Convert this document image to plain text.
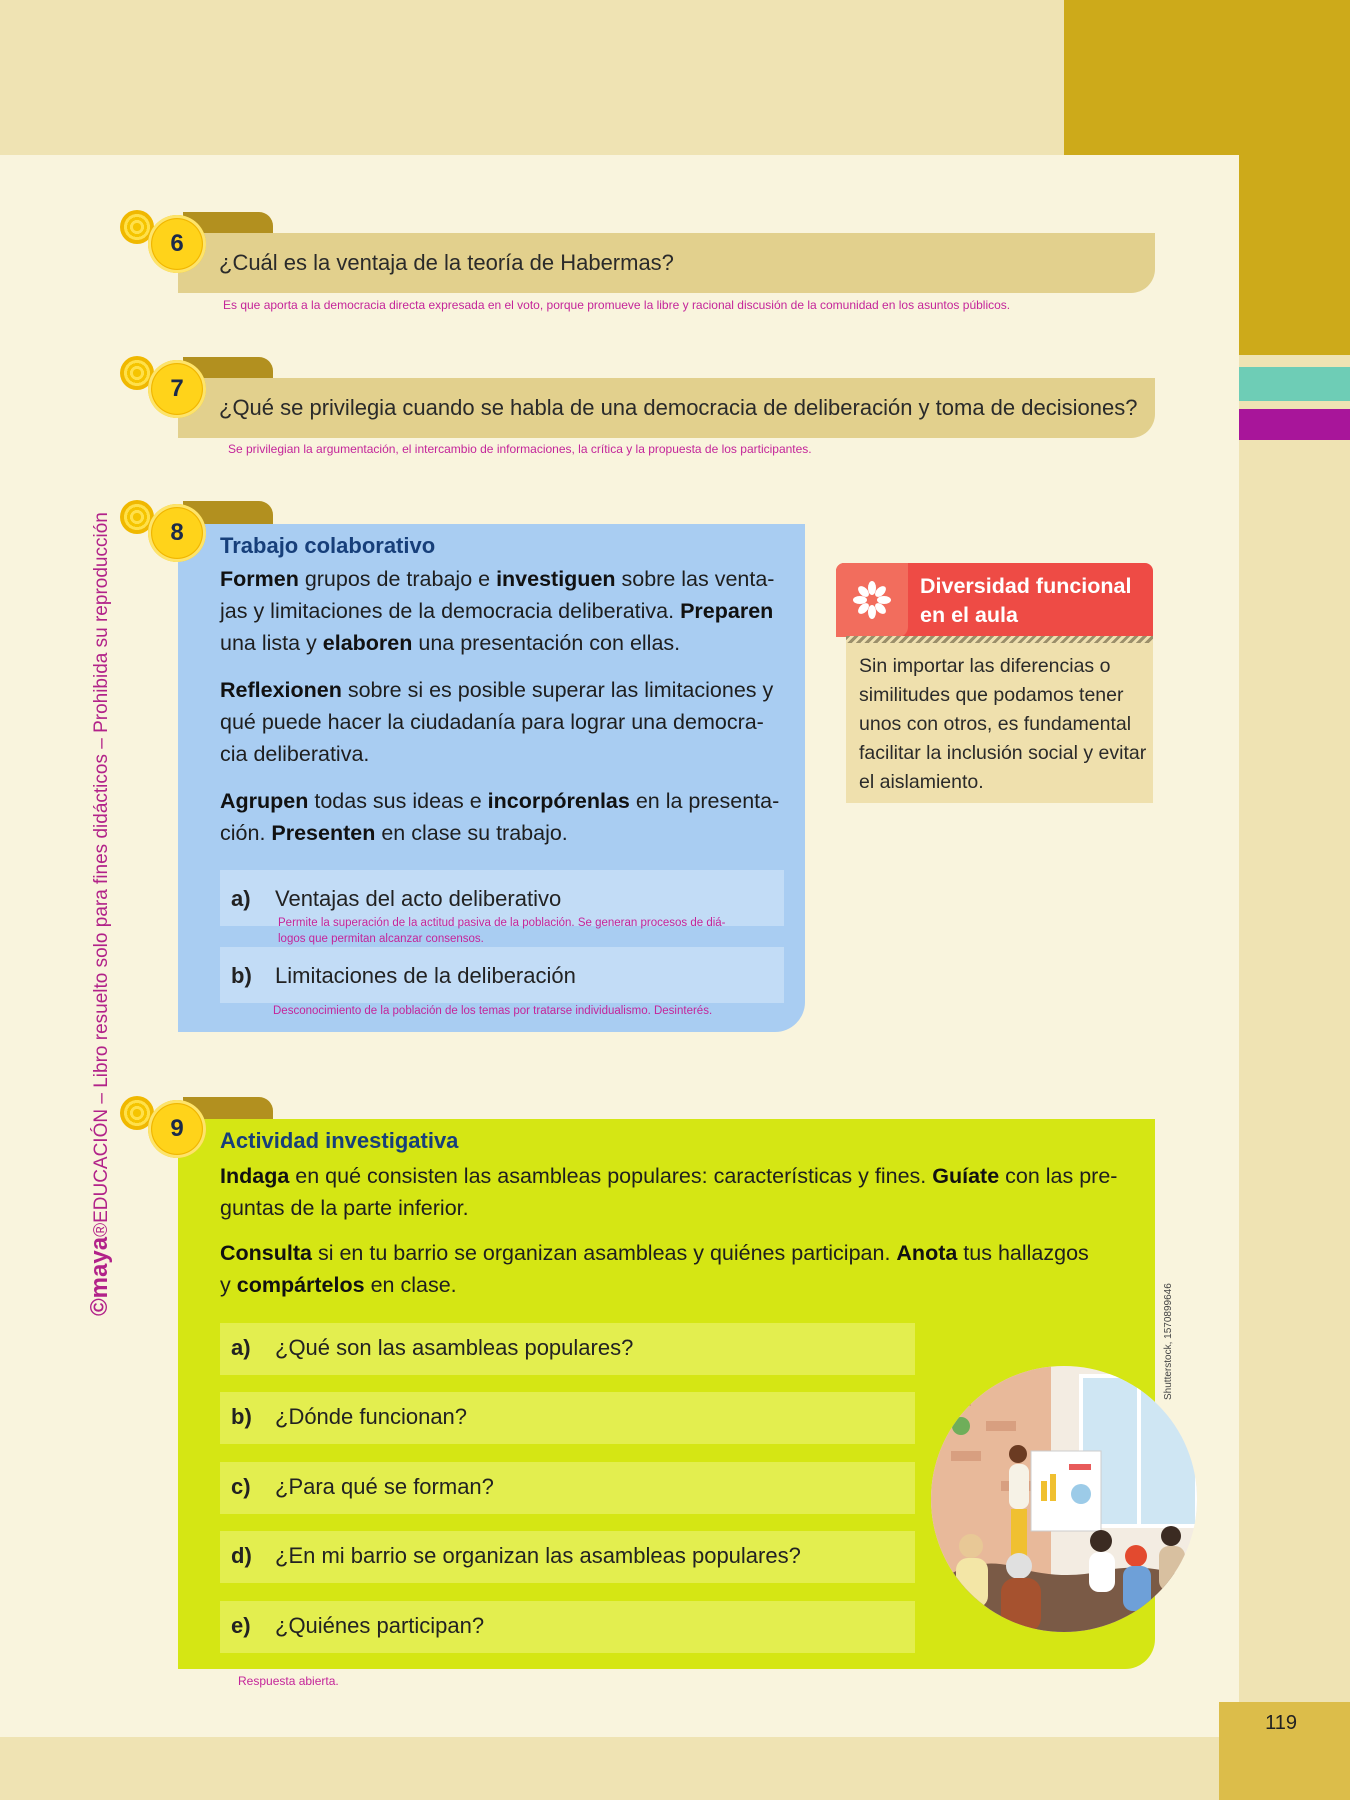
119
©maya®EDUCACIÓN – Libro resuelto solo para fines didácticos – Prohibida su reproducción
¿Cuál es la ventaja de la teoría de Habermas?
6
Es que aporta a la democracia directa expresada en el voto, porque promueve la libre y racional discusión de la comunidad en los asuntos públicos.
¿Qué se privilegia cuando se habla de una democracia de deliberación y toma de decisiones?
7
Se privilegian la argumentación, el intercambio de informaciones, la crítica y la propuesta de los participantes.
8	Trabajo colaborativo
Formen grupos de trabajo e investiguen sobre las venta-
jas y limitaciones de la democracia deliberativa. Preparen
una lista y elaboren una presentación con ellas.
Reflexionen sobre si es posible superar las limitaciones y
qué puede hacer la ciudadanía para lograr una democra-
cia deliberativa.
Agrupen todas sus ideas e incorpórenlas en la presenta-
ción. Presenten en clase su trabajo.
a) Ventajas del acto deliberativo
Permite la superación de la actitud pasiva de la población. Se generan procesos de diá-
logos que permitan alcanzar consensos.
b) Limitaciones de la deliberación
Desconocimiento de la población de los temas por tratarse individualismo. Desinterés.
Diversidad funcional en el aula
Sin importar las diferencias o similitudes que podamos tener unos con otros, es fundamental facilitar la inclusión social y evitar el aislamiento.
9	Actividad investigativa
Indaga en qué consisten las asambleas populares: características y fines. Guíate con las pre-
guntas de la parte inferior.
Consulta si en tu barrio se organizan asambleas y quiénes participan. Anota tus hallazgos
y compártelos en clase.
a) ¿Qué son las asambleas populares?
b) ¿Dónde funcionan?
c) ¿Para qué se forman?
d) ¿En mi barrio se organizan las asambleas populares?
e) ¿Quiénes participan?
Respuesta abierta.
Shutterstock, 1570899646
